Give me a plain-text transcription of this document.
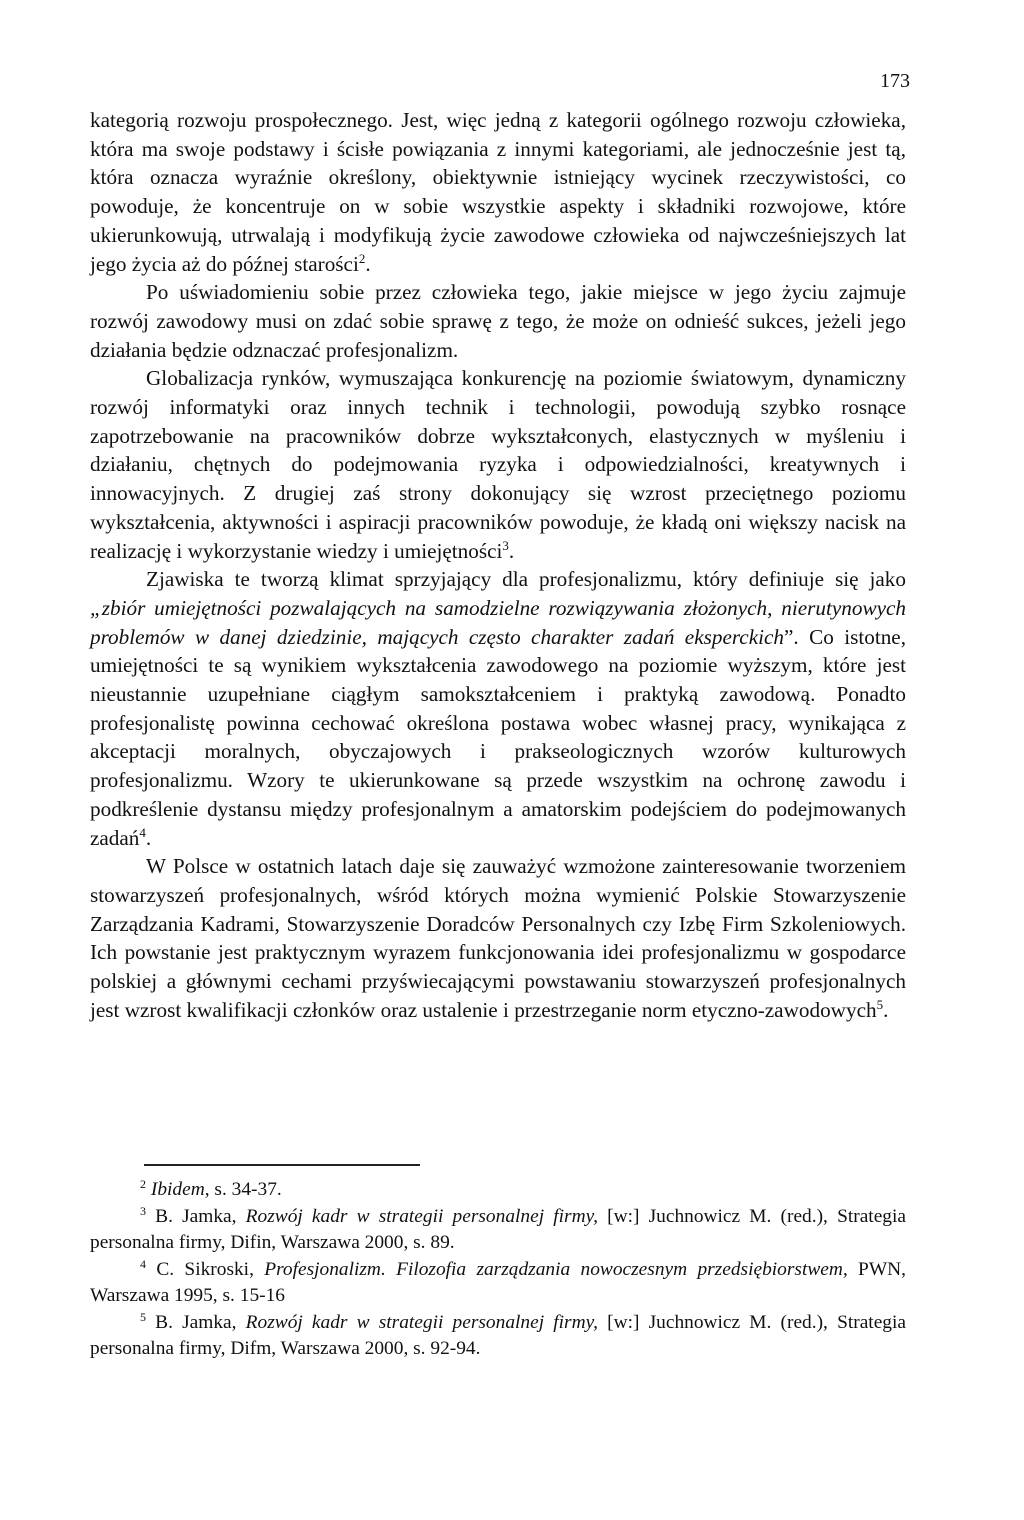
173

kategorią rozwoju prospołecznego. Jest, więc jedną z kategorii ogólnego rozwoju człowieka, która ma swoje podstawy i ścisłe powiązania z innymi kategoriami, ale jednocześnie jest tą, która oznacza wyraźnie określony, obiektywnie istniejący wycinek rzeczywistości, co powoduje, że koncentruje on w sobie wszystkie aspekty i składniki rozwojowe, które ukierunkowują, utrwalają i modyfikują życie zawodowe człowieka od najwcześniejszych lat jego życia aż do późnej starości$^2$.

Po uświadomieniu sobie przez człowieka tego, jakie miejsce w jego życiu zajmuje rozwój zawodowy musi on zdać sobie sprawę z tego, że może on odnieść sukces, jeżeli jego działania będzie odznaczać profesjonalizm.

Globalizacja rynków, wymuszająca konkurencję na poziomie światowym, dynamiczny rozwój informatyki oraz innych technik i technologii, powodują szybko rosnące zapotrzebowanie na pracowników dobrze wykształconych, elastycznych w myśleniu i działaniu, chętnych do podejmowania ryzyka i odpowiedzialności, kreatywnych i innowacyjnych. Z drugiej zaś strony dokonujący się wzrost przeciętnego poziomu wykształcenia, aktywności i aspiracji pracowników powoduje, że kładą oni większy nacisk na realizację i wykorzystanie wiedzy i umiejętności$^3$.

Zjawiska te tworzą klimat sprzyjający dla profesjonalizmu, który definiuje się jako „zbiór umiejętności pozwalających na samodzielne rozwiązywania złożonych, nierutynowych problemów w danej dziedzinie, mających często charakter zadań eksperckich”. Co istotne, umiejętności te są wynikiem wykształcenia zawodowego na poziomie wyższym, które jest nieustannie uzupełniane ciągłym samokształceniem i praktyką zawodową. Ponadto profesjonalistę powinna cechować określona postawa wobec własnej pracy, wynikająca z akceptacji moralnych, obyczajowych i prakseologicznych wzorów kulturowych profesjonalizmu. Wzory te ukierunkowane są przede wszystkim na ochronę zawodu i podkreślenie dystansu między profesjonalnym a amatorskim podejściem do podejmowanych zadań$^4$.

W Polsce w ostatnich latach daje się zauważyć wzmożone zainteresowanie tworzeniem stowarzyszeń profesjonalnych, wśród których można wymienić Polskie Stowarzyszenie Zarządzania Kadrami, Stowarzyszenie Doradców Personalnych czy Izbę Firm Szkoleniowych. Ich powstanie jest praktycznym wyrazem funkcjonowania idei profesjonalizmu w gospodarce polskiej a głównymi cechami przyświecającymi powstawaniu stowarzyszeń profesjonalnych jest wzrost kwalifikacji członków oraz ustalenie i przestrzeganie norm etyczno-zawodowych$^5$.

$^2$ Ibidem, s. 34-37.

$^3$ B. Jamka, Rozwój kadr w strategii personalnej firmy, [w:] Juchnowicz M. (red.), Strategia personalna firmy, Difin, Warszawa 2000, s. 89.

$^4$ C. Sikroski, Profesjonalizm. Filozofia zarządzania nowoczesnym przedsiębiorstwem, PWN, Warszawa 1995, s. 15-16

$^5$ B. Jamka, Rozwój kadr w strategii personalnej firmy, [w:] Juchnowicz M. (red.), Strategia personalna firmy, Difm, Warszawa 2000, s. 92-94.
